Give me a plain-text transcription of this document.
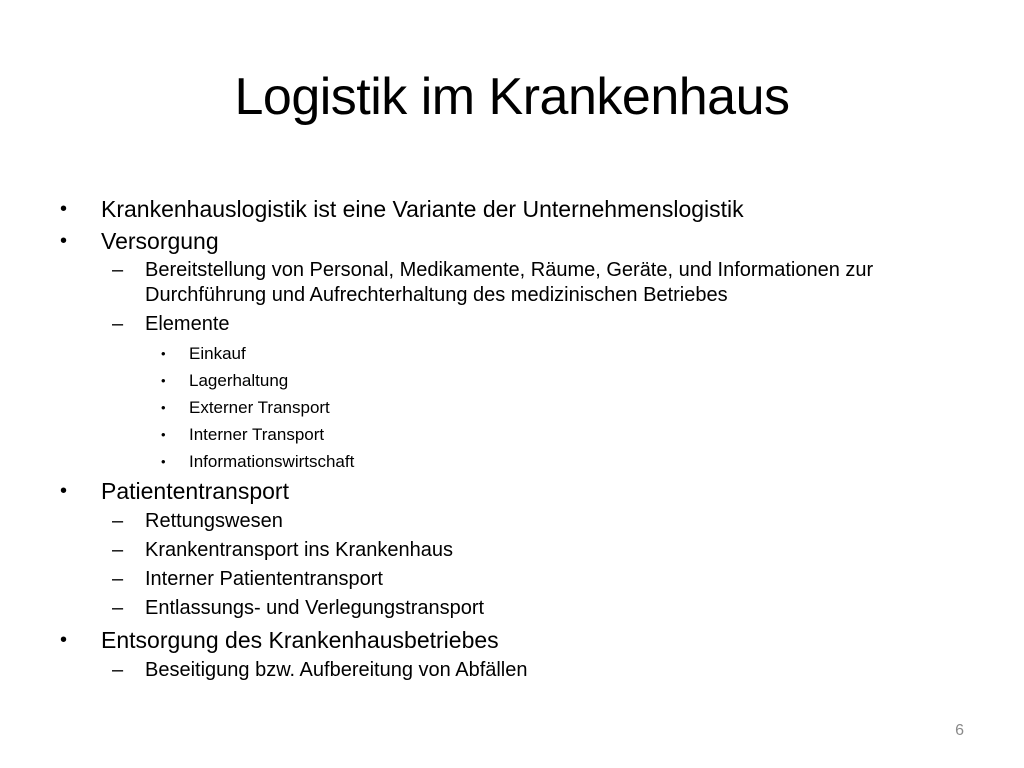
Logistik im Krankenhaus
• Krankenhauslogistik ist eine Variante der Unternehmenslogistik
• Versorgung
– Bereitstellung von Personal, Medikamente, Räume, Geräte, und Informationen zur Durchführung und Aufrechterhaltung des medizinischen Betriebes
– Elemente
• Einkauf
• Lagerhaltung
• Externer Transport
• Interner Transport
• Informationswirtschaft
• Patiententransport
– Rettungswesen
– Krankentransport ins Krankenhaus
– Interner Patiententransport
– Entlassungs- und Verlegungstransport
• Entsorgung des Krankenhausbetriebes
– Beseitigung bzw. Aufbereitung von Abfällen
6
